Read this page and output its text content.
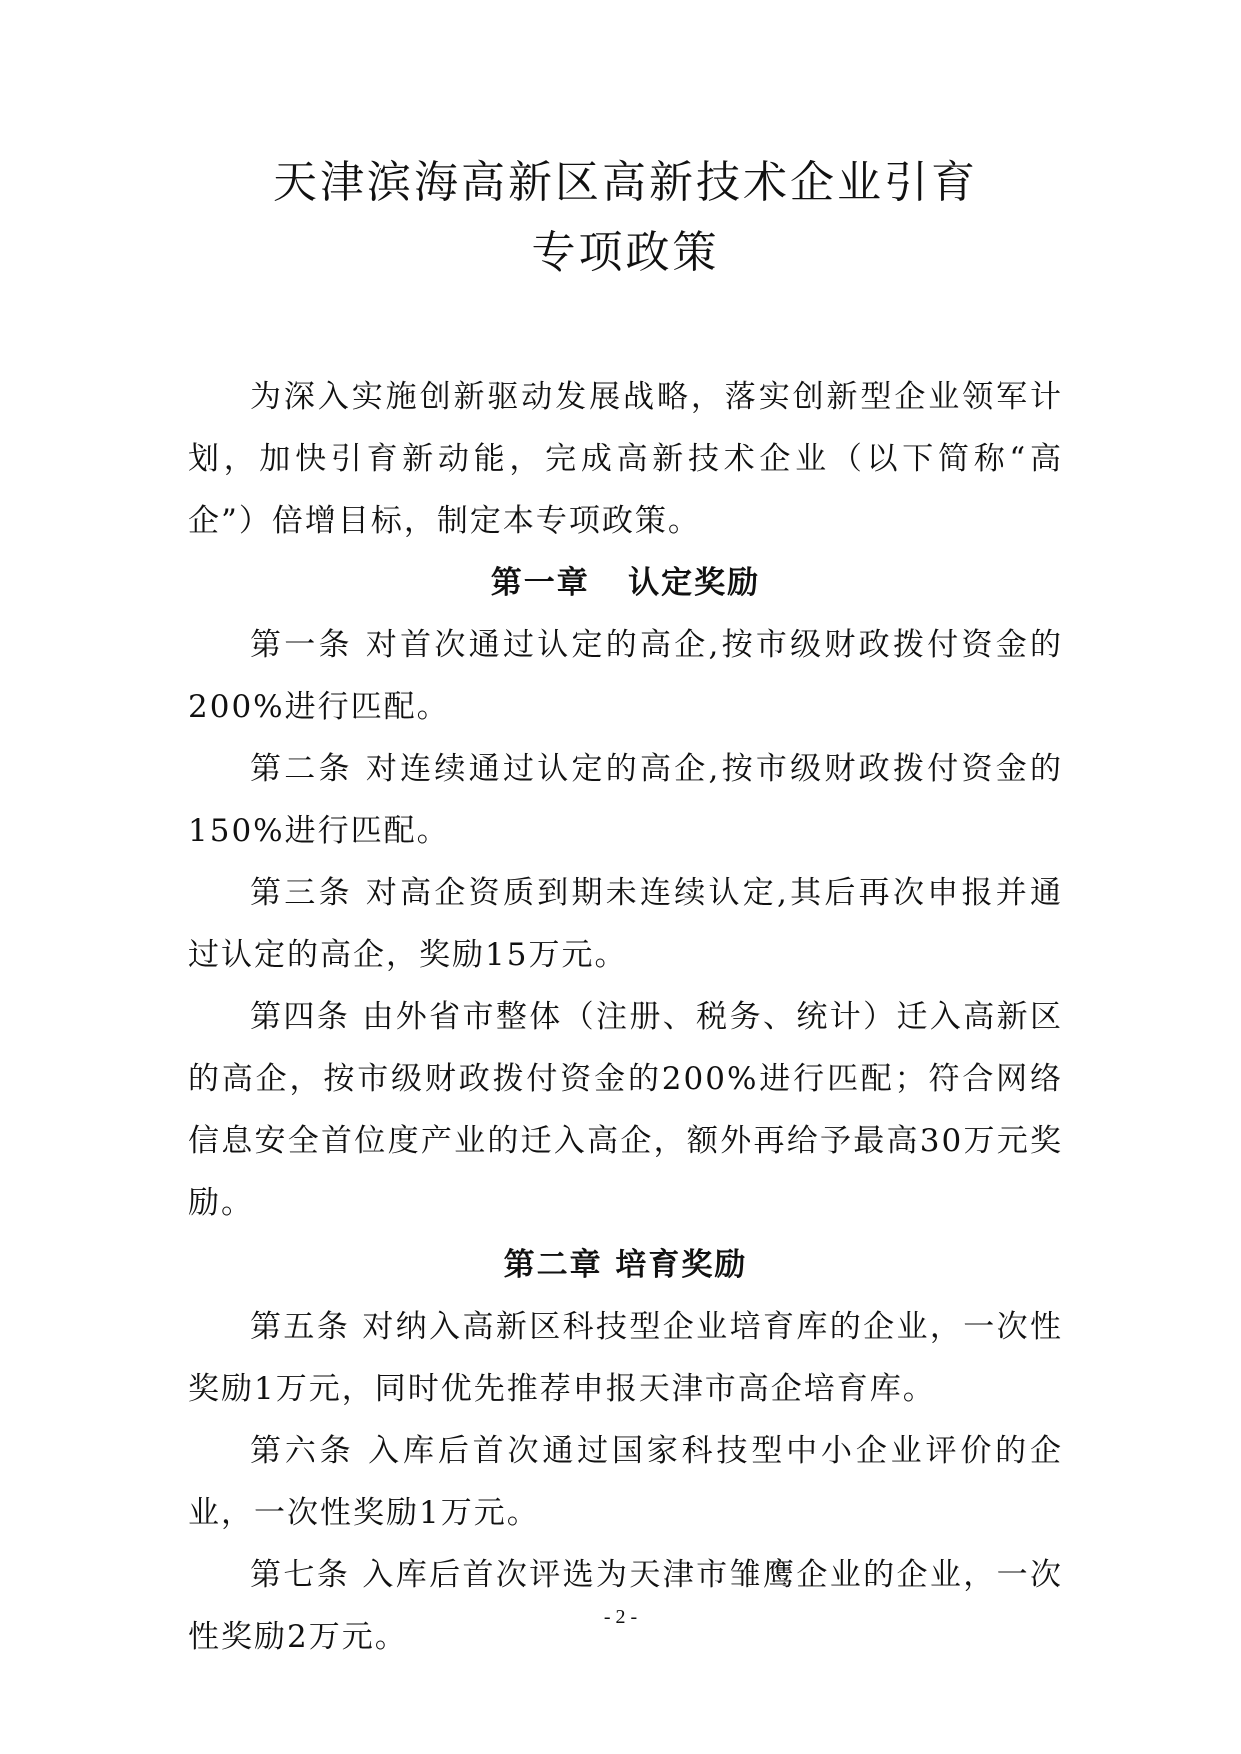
天津滨海高新区高新技术企业引育
专项政策

为深入实施创新驱动发展战略，落实创新型企业领军计划，加快引育新动能，完成高新技术企业（以下简称“高企”）倍增目标，制定本专项政策。

第一章   认定奖励

第一条 对首次通过认定的高企,按市级财政拨付资金的200%进行匹配。

第二条 对连续通过认定的高企,按市级财政拨付资金的150%进行匹配。

第三条 对高企资质到期未连续认定,其后再次申报并通过认定的高企，奖励15万元。

第四条 由外省市整体（注册、税务、统计）迁入高新区的高企，按市级财政拨付资金的200%进行匹配；符合网络信息安全首位度产业的迁入高企，额外再给予最高30万元奖励。

第二章 培育奖励

第五条 对纳入高新区科技型企业培育库的企业，一次性奖励1万元，同时优先推荐申报天津市高企培育库。

第六条 入库后首次通过国家科技型中小企业评价的企业，一次性奖励1万元。

第七条 入库后首次评选为天津市雏鹰企业的企业，一次性奖励2万元。

- 2 -
